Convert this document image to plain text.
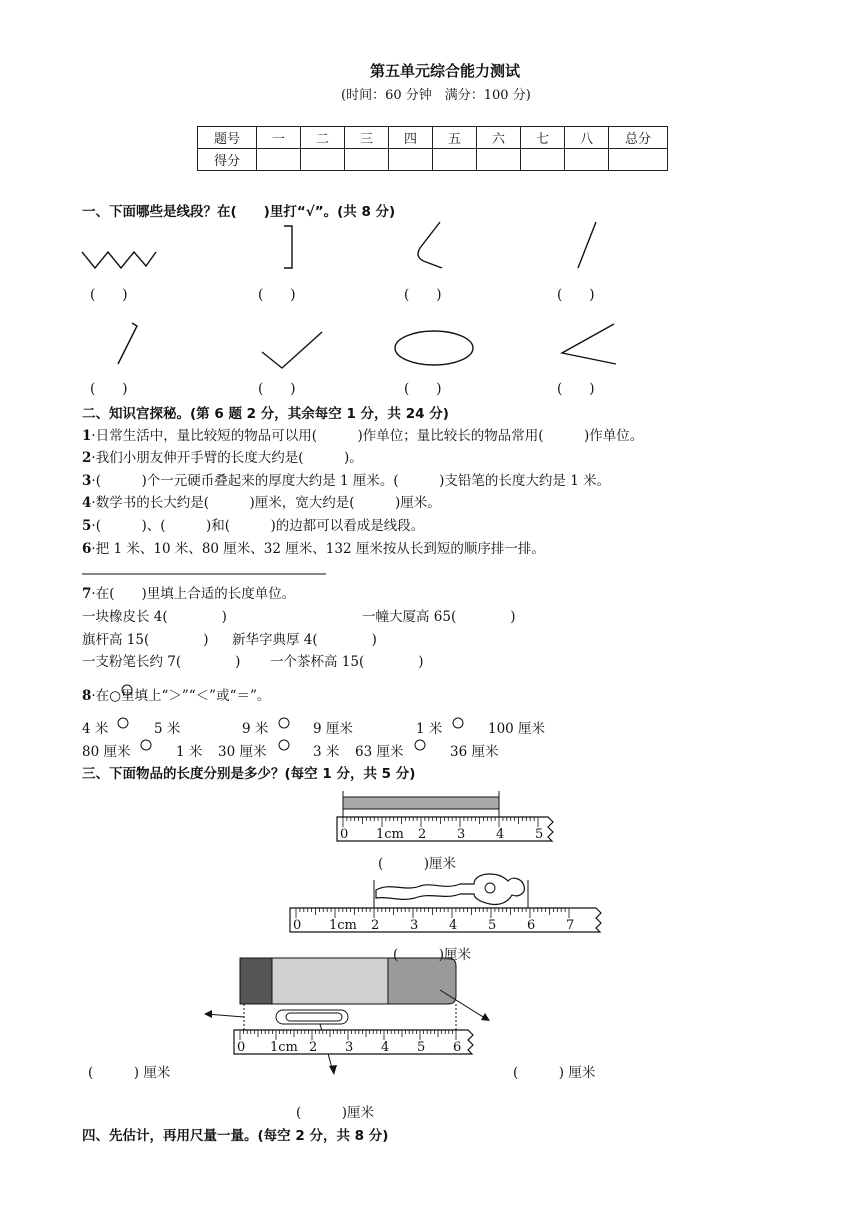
第五单元综合能力测试
(时间：60 分钟　满分：100 分)
题号	一	二	三	四	五	六	七	八	总分
得分									
一、下面哪些是线段？在(　　)里打“√”。(共 8 分)
0 1cm 2 3 4 5
0 1cm 2 3 4 5 6 7
0 1cm 2 3 4 5 6
(　　)	(　　)	(　　)	(　　)
(　　)	(　　)	(　　)	(　　)
二、知识宫探秘。(第 6 题 2 分，其余每空 1 分，共 24 分)
1·日常生活中，量比较短的物品可以用(　　　)作单位；量比较长的物品常用(　　　)作单位。
2·我们小朋友伸开手臂的长度大约是(　　　)。
3·(　　　)个一元硬币叠起来的厚度大约是 1 厘米。(　　　)支铅笔的长度大约是 1 米。
4·数学书的长大约是(　　　)厘米，宽大约是(　　　)厘米。
5·(　　　)、(　　　)和(　　　)的边都可以看成是线段。
6·把 1 米、10 米、80 厘米、32 厘米、132 厘米按从长到短的顺序排一排。
7·在(　　)里填上合适的长度单位。
一块橡皮长 4(　　　　)	一幢大厦高 65(　　　　)
旗杆高 15(　　　　) 新华字典厚 4(　　　　)
一支粉笔长约 7(　　　　) 一个茶杯高 15(　　　　)
8·在○里填上“＞”“＜”或“＝”。
4 米	5 米	9 米	9 厘米	1 米	100 厘米
80 厘米	1 米 30 厘米	3 米 63 厘米	36 厘米
三、下面物品的长度分别是多少？(每空 1 分，共 5 分)
(　　　)厘米
(　　　)厘米
(　　　) 厘米	(　　　) 厘米
(　　　)厘米
四、先估计，再用尺量一量。(每空 2 分，共 8 分)
